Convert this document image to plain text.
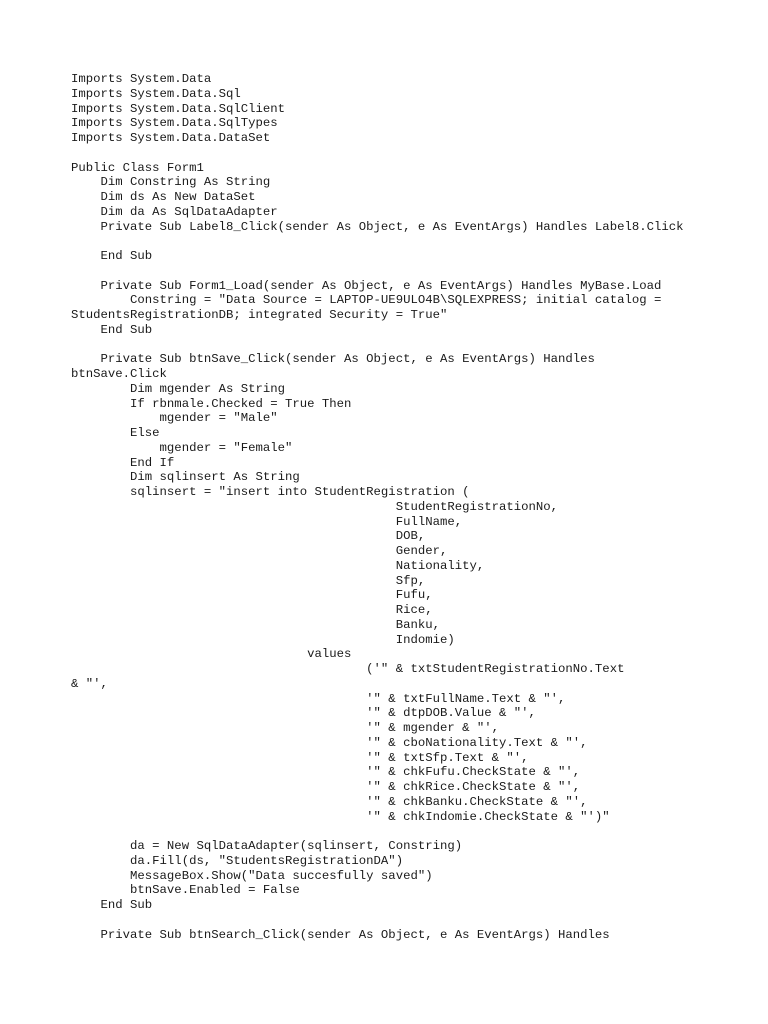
Imports System.Data
Imports System.Data.Sql
Imports System.Data.SqlClient
Imports System.Data.SqlTypes
Imports System.Data.DataSet
Public Class Form1
Dim Constring As String
Dim ds As New DataSet
Dim da As SqlDataAdapter
Private Sub Label8_Click(sender As Object, e As EventArgs) Handles Label8.Click
End Sub
Private Sub Form1_Load(sender As Object, e As EventArgs) Handles MyBase.Load
Constring = "Data Source = LAPTOP-UE9ULO4B\SQLEXPRESS; initial catalog =
StudentsRegistrationDB; integrated Security = True"
End Sub
Private Sub btnSave_Click(sender As Object, e As EventArgs) Handles
btnSave.Click
Dim mgender As String
If rbnmale.Checked = True Then
mgender = "Male"
Else
mgender = "Female"
End If
Dim sqlinsert As String
sqlinsert = "insert into StudentRegistration (
StudentRegistrationNo,
FullName,
DOB,
Gender,
Nationality,
Sfp,
Fufu,
Rice,
Banku,
Indomie)
values
('" & txtStudentRegistrationNo.Text
& "',
'" & txtFullName.Text & "',
'" & dtpDOB.Value & "',
'" & mgender & "',
'" & cboNationality.Text & "',
'" & txtSfp.Text & "',
'" & chkFufu.CheckState & "',
'" & chkRice.CheckState & "',
'" & chkBanku.CheckState & "',
'" & chkIndomie.CheckState & "')"
da = New SqlDataAdapter(sqlinsert, Constring)
da.Fill(ds, "StudentsRegistrationDA")
MessageBox.Show("Data succesfully saved")
btnSave.Enabled = False
End Sub
Private Sub btnSearch_Click(sender As Object, e As EventArgs) Handles
